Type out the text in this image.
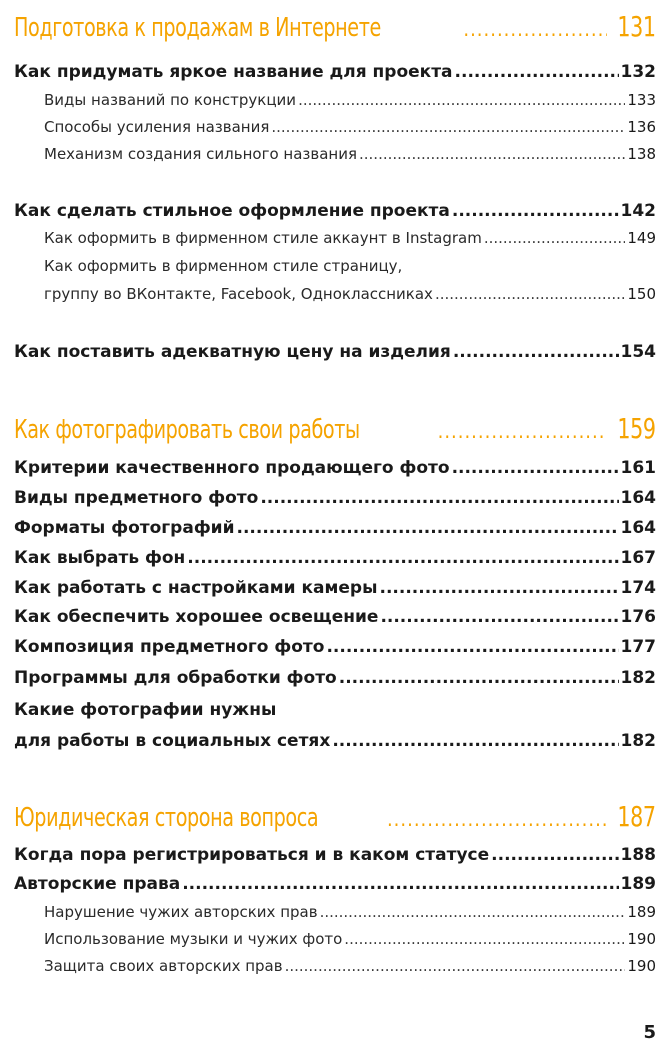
Подготовка к продажам в Интернете .....	131
Как придумать яркое название для проекта .....	132
Виды названий по конструкции .....	133
Способы усиления названия .....	136
Механизм создания сильного названия .....	138
Как сделать стильное оформление проекта .....	142
Как оформить в фирменном стиле аккаунт в Instagram .....	149
Как оформить в фирменном стиле страницу,
группу во ВКонтакте, Facebook, Одноклассниках .....	150
Как поставить адекватную цену на изделия .....	154
Как фотографировать свои работы .....	159
Критерии качественного продающего фото .....	161
Виды предметного фото .....	164
Форматы фотографий .....	164
Как выбрать фон .....	167
Как работать с настройками камеры .....	174
Как обеспечить хорошее освещение .....	176
Композиция предметного фото .....	177
Программы для обработки фото .....	182
Какие фотографии нужны
для работы в социальных сетях .....	182
Юридическая сторона вопроса .....	187
Когда пора регистрироваться и в каком статусе .....	188
Авторские права .....	189
Нарушение чужих авторских прав .....	189
Использование музыки и чужих фото .....	190
Защита своих авторских прав .....	190
5
